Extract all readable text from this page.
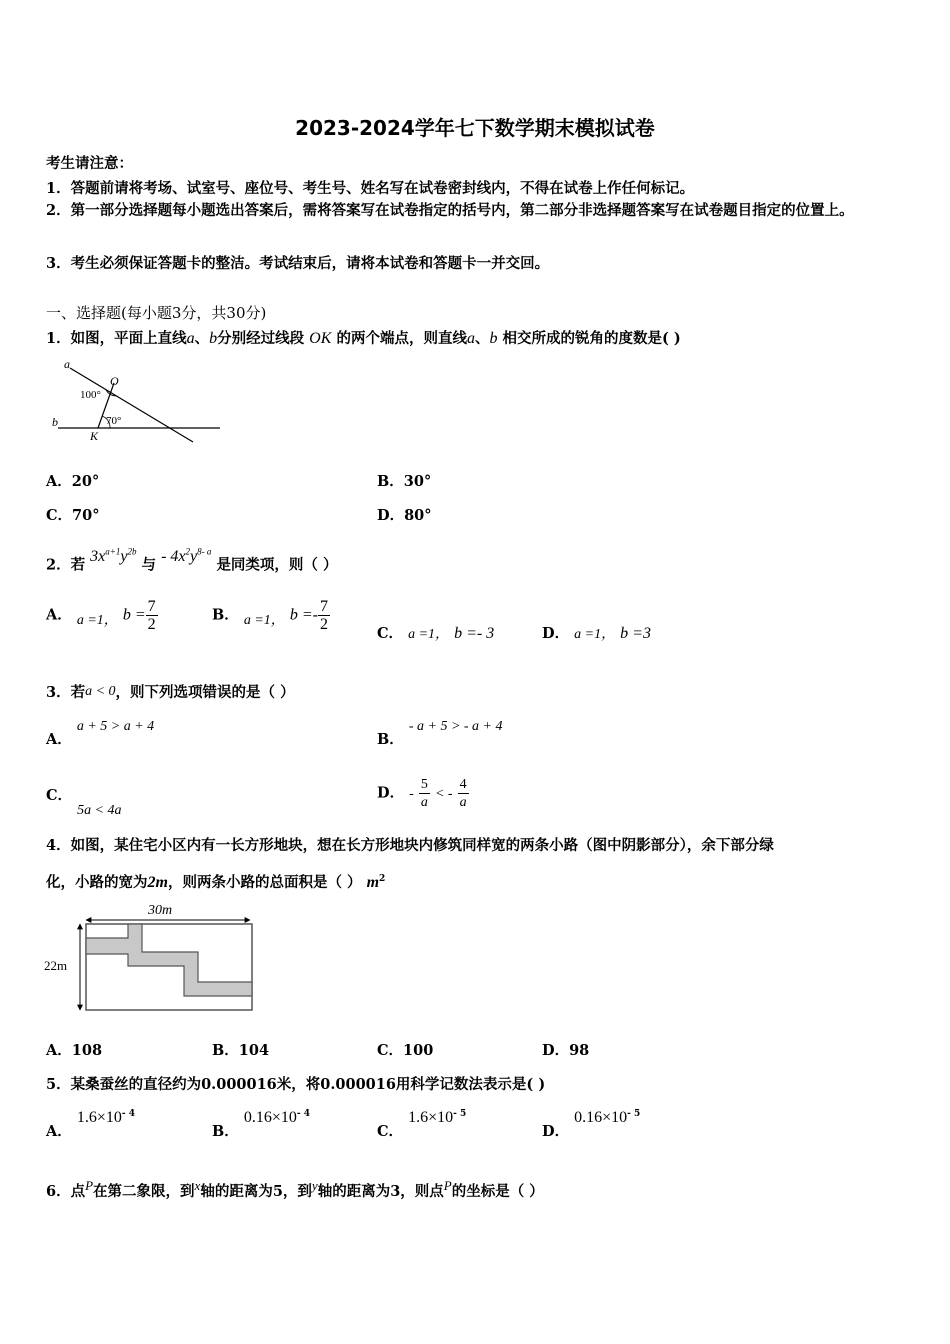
2023-2024学年七下数学期末模拟试卷
考生请注意：
1．答题前请将考场、试室号、座位号、考生号、姓名写在试卷密封线内，不得在试卷上作任何标记。
2．第一部分选择题每小题选出答案后，需将答案写在试卷指定的括号内，第二部分非选择题答案写在试卷题目指定的位置上。
3．考生必须保证答题卡的整洁。考试结束后，请将本试卷和答题卡一并交回。
一、选择题(每小题3分，共30分)
1．如图，平面上直线a、b分别经过线段 OK 的两个端点，则直线a、b 相交所成的锐角的度数是( )
a
b
O
K
100°
70°
A．20°	B．30°
C．70°	D．80°
2．若 $3x^{a+1}y^{2b}$ 与 - $4x^2y^{8- a}$ 是同类项，则（ ）
A． a =1， $b = \frac{7}{2}$	B． a =1， $b =- \frac{7}{2}$
C． a =1， b =- 3	D． a =1， b =3
3．若a < 0，则下列选项错误的是（ ）
A． a + 5 > a + 4
B． - a + 5 > - a + 4
C． 5a < 4a
D． - $\frac{5}{a}$ < - $\frac{4}{a}$
4．如图，某住宅小区内有一长方形地块，想在长方形地块内修筑同样宽的两条小路（图中阴影部分），余下部分绿
化，小路的宽为2m，则两条小路的总面积是（ ） $m^2$
30m
22m
A．108	B．104	C．100	D．98
5．某桑蚕丝的直径约为0.000016米，将0.000016用科学记数法表示是( )
A． $1.6\times 10^{- 4}$
B． $0.16\times 10^{- 4}$
C． $1.6\times 10^{- 5}$
D． $0.16\times 10^{- 5}$
6．点P在第二象限，到x轴的距离为5，到y轴的距离为3，则点P的坐标是（ ）
